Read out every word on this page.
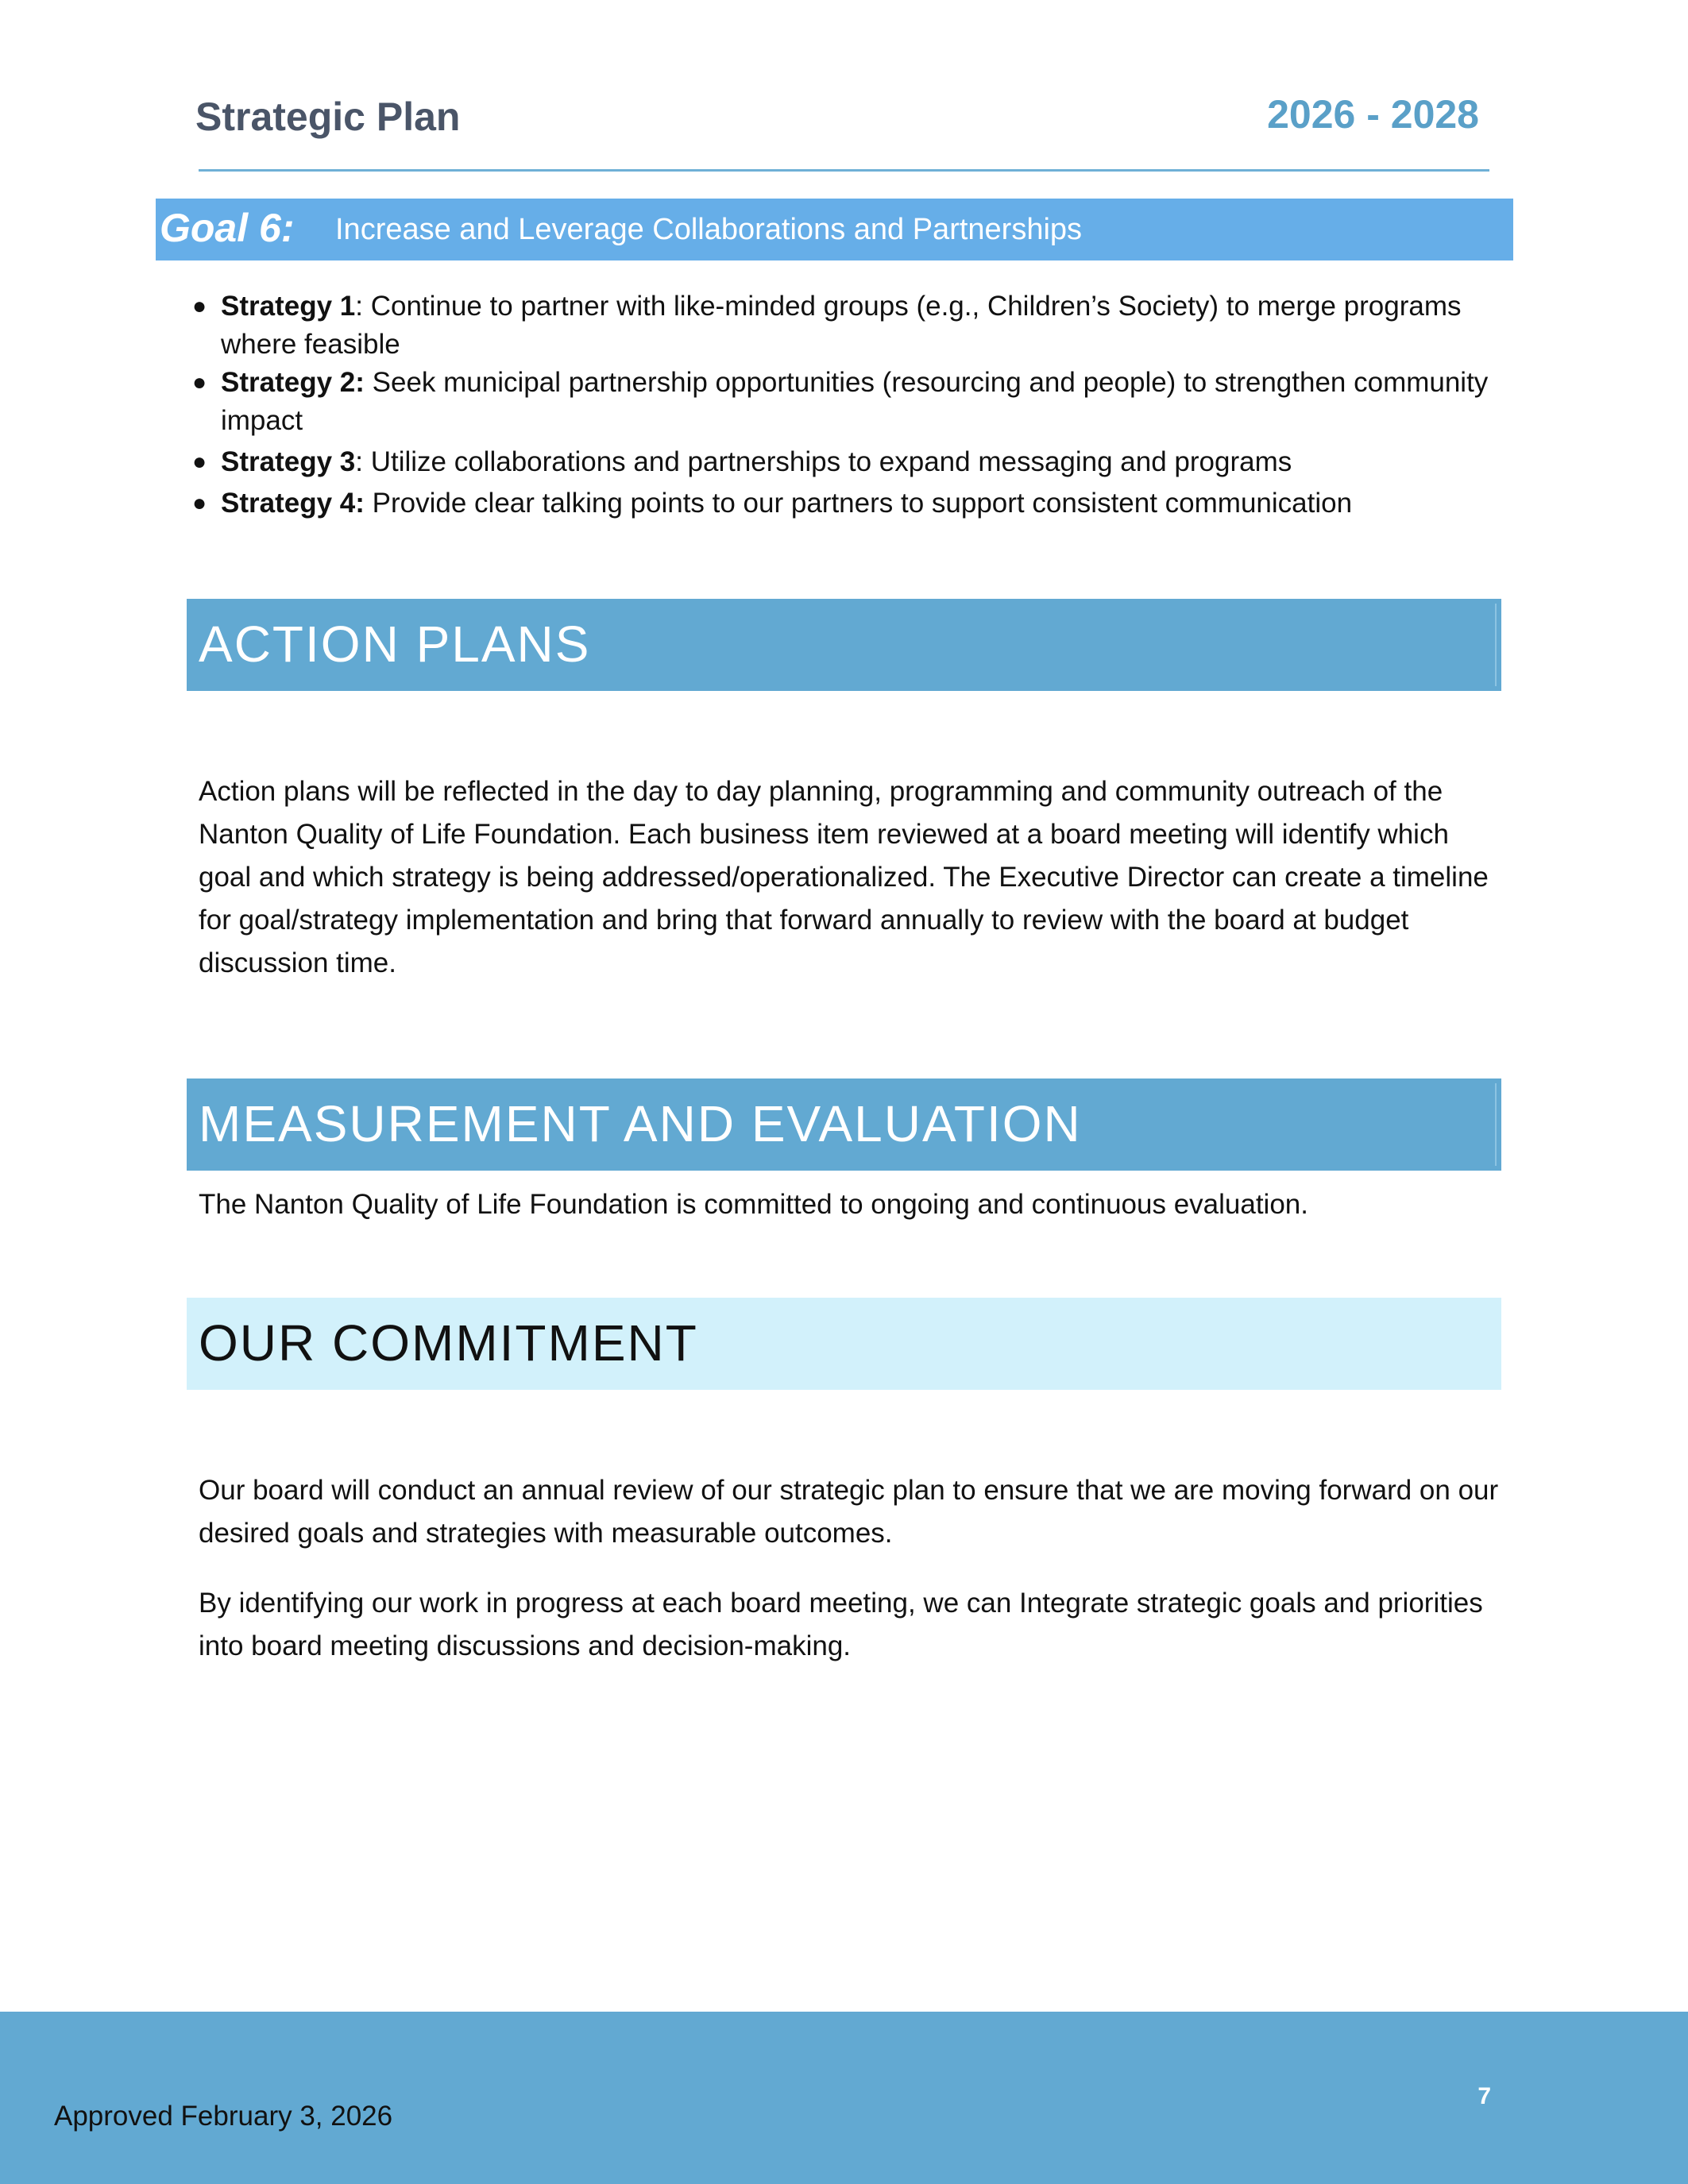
Strategic Plan	2026 - 2028
Goal 6: Increase and Leverage Collaborations and Partnerships
● Strategy 1: Continue to partner with like-minded groups (e.g., Children’s Society) to merge programs where feasible
● Strategy 2: Seek municipal partnership opportunities (resourcing and people) to strengthen community impact
● Strategy 3: Utilize collaborations and partnerships to expand messaging and programs
● Strategy 4: Provide clear talking points to our partners to support consistent communication
ACTION PLANS

Action plans will be reflected in the day to day planning, programming and community outreach of the Nanton Quality of Life Foundation. Each business item reviewed at a board meeting will identify which goal and which strategy is being addressed/operationalized. The Executive Director can create a timeline for goal/strategy implementation and bring that forward annually to review with the board at budget discussion time.

MEASUREMENT AND EVALUATION

The Nanton Quality of Life Foundation is committed to ongoing and continuous evaluation.

OUR COMMITMENT

Our board will conduct an annual review of our strategic plan to ensure that we are moving forward on our desired goals and strategies with measurable outcomes.

By identifying our work in progress at each board meeting, we can Integrate strategic goals and priorities into board meeting discussions and decision-making.

7
Approved February 3, 2026
